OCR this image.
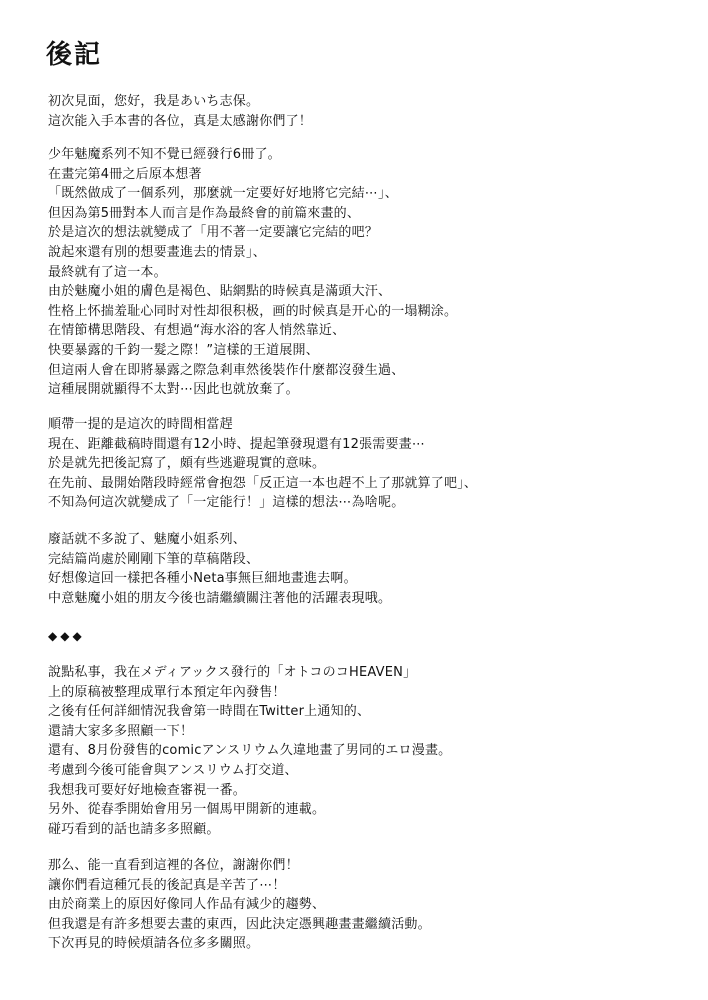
後記
初次見面，您好，我是あいち志保。
這次能入手本書的各位，真是太感謝你們了！
少年魅魔系列不知不覺已經發行6冊了。
在畫完第4冊之后原本想著
「既然做成了一個系列，那麼就一定要好好地將它完結⋯」、
但因為第5冊對本人而言是作為最終會的前篇來畫的、
於是這次的想法就變成了「用不著一定要讓它完結的吧？
說起來還有別的想要畫進去的情景」、
最終就有了這一本。
由於魅魔小姐的膚色是褐色、貼網點的時候真是滿頭大汗、
性格上怀揣羞耻心同时对性却很积极，画的时候真是开心的一塌糊涂。
在情節構思階段、有想過“海水浴的客人悄然靠近、
快要暴露的千鈞一髮之際！”這樣的王道展開、
但這兩人會在即將暴露之際急剎車然後裝作什麼都沒發生過、
這種展開就顯得不太對⋯因此也就放棄了。
順帶一提的是這次的時間相當趕
現在、距離截稿時間還有12小時、提起筆發現還有12張需要畫⋯
於是就先把後記寫了，頗有些逃避現實的意味。
在先前、最開始階段時經常會抱怨「反正這一本也趕不上了那就算了吧」、
不知為何這次就變成了「一定能行！」這樣的想法⋯為啥呢。
廢話就不多說了、魅魔小姐系列、
完結篇尚處於剛剛下筆的草稿階段、
好想像這回一樣把各種小Neta事無巨細地畫進去啊。
中意魅魔小姐的朋友今後也請繼續關注著他的活躍表現哦。

◆◆◆

說點私事，我在メディアックス發行的「オトコのコHEAVEN」
上的原稿被整理成單行本預定年內發售！
之後有任何詳細情況我會第一時間在Twitter上通知的、
還請大家多多照顧一下！
還有、8月份發售的comicアンスリウム久違地畫了男同的エロ漫畫。
考慮到今後可能會與アンスリウム打交道、
我想我可要好好地檢查審視一番。
另外、從春季開始會用另一個馬甲開新的連載。
碰巧看到的話也請多多照顧。
那么、能一直看到這裡的各位，謝謝你們！
讓你們看這種冗長的後記真是辛苦了⋯！
由於商業上的原因好像同人作品有減少的趨勢、
但我還是有許多想要去畫的東西，因此決定憑興趣畫畫繼續活動。
下次再見的時候煩請各位多多關照。
